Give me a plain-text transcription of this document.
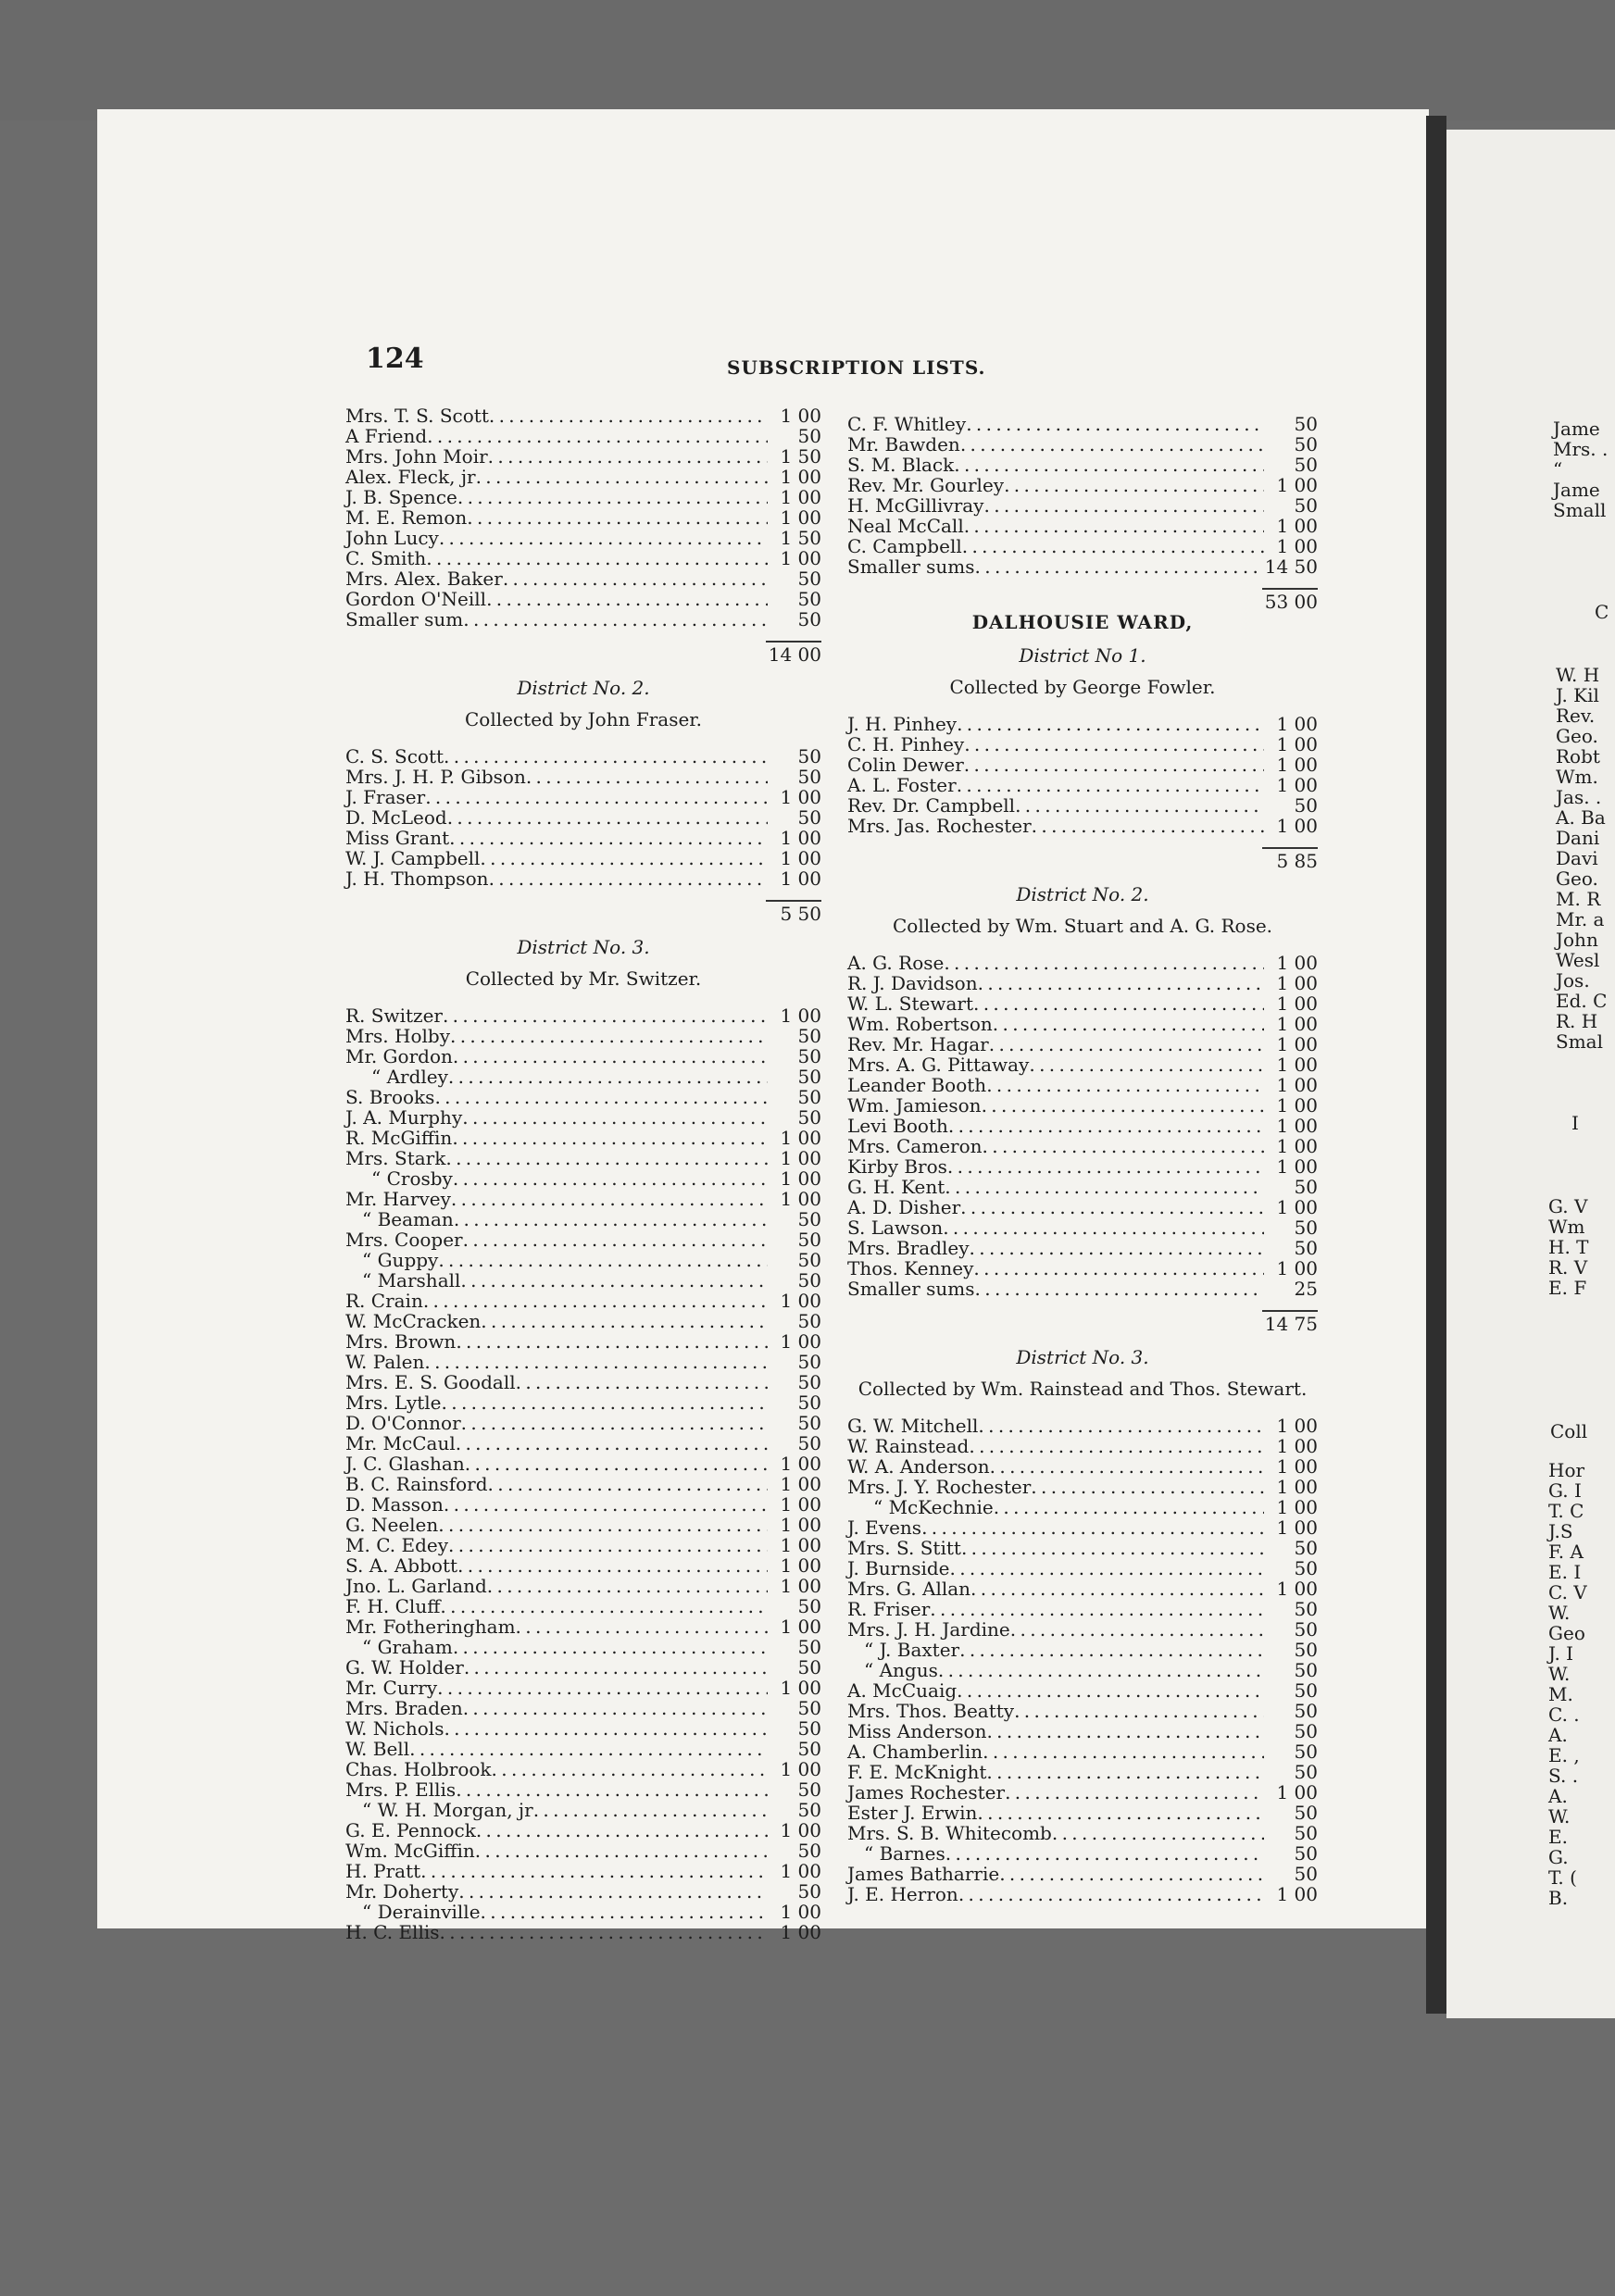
Jame
Mrs. .
“
Jame
Small
C
W. H
J. Kil
Rev.
Geo.
Robt
Wm.
Jas. .
A. Ba
Dani
Davi
Geo.
M. R
Mr. a
John
Wesl
Jos.
Ed. C
R. H
Smal
I
G. V
Wm
H. T
R. V
E. F
Coll
Hor
G. I
T. C
J.S
F. A
E. I
C. V
W.
Geo
J. I
W.
M.
C. .
A.
E. ,
S. .
A.
W.
E.
G.
T. (
B.
124	SUBSCRIPTION LISTS.
Mrs. T. S. Scott . . .	1 00
A Friend . . .	50
Mrs. John Moir . . .	1 50
Alex. Fleck, jr . . .	1 00
J. B. Spence . . .	1 00
M. E. Remon . . .	1 00
John Lucy . . .	1 50
C. Smith . . .	1 00
Mrs. Alex. Baker . . .	50
Gordon O'Neill . . .	50
Smaller sum . . .	50
14 00
District No. 2.
Collected by John Fraser.
C. S. Scott . . .	50
Mrs. J. H. P. Gibson . . .	50
J. Fraser . . .	1 00
D. McLeod . . .	50
Miss Grant . . .	1 00
W. J. Campbell . . .	1 00
J. H. Thompson . . .	1 00
5 50
District No. 3.
Collected by Mr. Switzer.
R. Switzer . . .	1 00
Mrs. Holby . . .	50
Mr. Gordon . . .	50
“ Ardley . . .	50
S. Brooks . . .	50
J. A. Murphy . . .	50
R. McGiffin . . .	1 00
Mrs. Stark . . .	1 00
“ Crosby . . .	1 00
Mr. Harvey . . .	1 00
“ Beaman . . .	50
Mrs. Cooper . . .	50
“ Guppy . . .	50
“ Marshall . . .	50
R. Crain . . .	1 00
W. McCracken . . .	50
Mrs. Brown . . .	1 00
W. Palen . . .	50
Mrs. E. S. Goodall . . .	50
Mrs. Lytle . . .	50
D. O'Connor . . .	50
Mr. McCaul . . .	50
J. C. Glashan . . .	1 00
B. C. Rainsford . . .	1 00
D. Masson . . .	1 00
G. Neelen . . .	1 00
M. C. Edey . . .	1 00
S. A. Abbott . . .	1 00
Jno. L. Garland . . .	1 00
F. H. Cluff . . .	50
Mr. Fotheringham . . .	1 00
“ Graham . . .	50
G. W. Holder . . .	50
Mr. Curry . . .	1 00
Mrs. Braden . . .	50
W. Nichols . . .	50
W. Bell . . .	50
Chas. Holbrook . . .	1 00
Mrs. P. Ellis . . .	50
“ W. H. Morgan, jr . . .	50
G. E. Pennock . . .	1 00
Wm. McGiffin . . .	50
H. Pratt . . .	1 00
Mr. Doherty . . .	50
“ Derainville . . .	1 00
H. C. Ellis . . .	1 00
C. F. Whitley . . .	50
Mr. Bawden . . .	50
S. M. Black . . .	50
Rev. Mr. Gourley . . .	1 00
H. McGillivray . . .	50
Neal McCall . . .	1 00
C. Campbell . . .	1 00
Smaller sums . . .	14 50
53 00
DALHOUSIE WARD,
District No 1.
Collected by George Fowler.
J. H. Pinhey . . .	1 00
C. H. Pinhey . . .	1 00
Colin Dewer . . .	1 00
A. L. Foster . . .	1 00
Rev. Dr. Campbell . . .	50
Mrs. Jas. Rochester . . .	1 00
5 85
District No. 2.
Collected by Wm. Stuart and A. G. Rose.
A. G. Rose . . .	1 00
R. J. Davidson . . .	1 00
W. L. Stewart . . .	1 00
Wm. Robertson . . .	1 00
Rev. Mr. Hagar . . .	1 00
Mrs. A. G. Pittaway . . .	1 00
Leander Booth . . .	1 00
Wm. Jamieson . . .	1 00
Levi Booth . . .	1 00
Mrs. Cameron . . .	1 00
Kirby Bros . . .	1 00
G. H. Kent . . .	50
A. D. Disher . . .	1 00
S. Lawson . . .	50
Mrs. Bradley . . .	50
Thos. Kenney . . .	1 00
Smaller sums . . .	25
14 75
District No. 3.
Collected by Wm. Rainstead and Thos. Stewart.
G. W. Mitchell . . .	1 00
W. Rainstead . . .	1 00
W. A. Anderson . . .	1 00
Mrs. J. Y. Rochester . . .	1 00
“ McKechnie . . .	1 00
J. Evens . . .	1 00
Mrs. S. Stitt . . .	50
J. Burnside . . .	50
Mrs. G. Allan . . .	1 00
R. Friser . . .	50
Mrs. J. H. Jardine . . .	50
“ J. Baxter . . .	50
“ Angus . . .	50
A. McCuaig . . .	50
Mrs. Thos. Beatty . . .	50
Miss Anderson . . .	50
A. Chamberlin . . .	50
F. E. McKnight . . .	50
James Rochester . . .	1 00
Ester J. Erwin . . .	50
Mrs. S. B. Whitecomb . . .	50
“ Barnes . . .	50
James Batharrie . . .	50
J. E. Herron . . .	1 00
